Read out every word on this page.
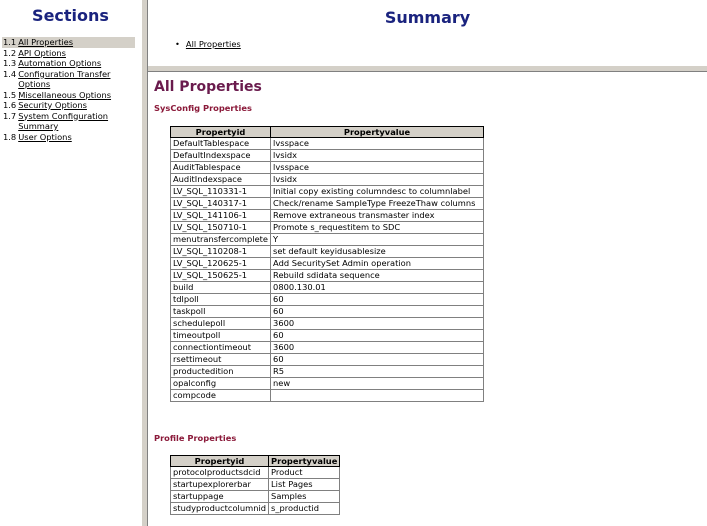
Sections
1.1 All Properties
1.2 API Options
1.3 Automation Options
1.4 Configuration Transfer Options
1.5 Miscellaneous Options
1.6 Security Options
1.7 System Configuration Summary
1.8 User Options
Summary
• All Properties
All Properties
SysConfig Properties
Propertyid	Propertyvalue
DefaultTablespace	lvsspace
DefaultIndexspace	lvsidx
AuditTablespace	lvsspace
AuditIndexspace	lvsidx
LV_SQL_110331-1	Initial copy existing columndesc to columnlabel
LV_SQL_140317-1	Check/rename SampleType FreezeThaw columns
LV_SQL_141106-1	Remove extraneous transmaster index
LV_SQL_150710-1	Promote s_requestitem to SDC
menutransfercomplete	Y
LV_SQL_110208-1	set default keyidusablesize
LV_SQL_120625-1	Add SecuritySet Admin operation
LV_SQL_150625-1	Rebuild sdidata sequence
build	0800.130.01
tdlpoll	60
taskpoll	60
schedulepoll	3600
timeoutpoll	60
connectiontimeout	3600
rsettimeout	60
productedition	R5
opalconfig	new
compcode	
Profile Properties
Propertyid	Propertyvalue
protocolproductsdcid	Product
startupexplorerbar	List Pages
startuppage	Samples
studyproductcolumnid	s_productid
